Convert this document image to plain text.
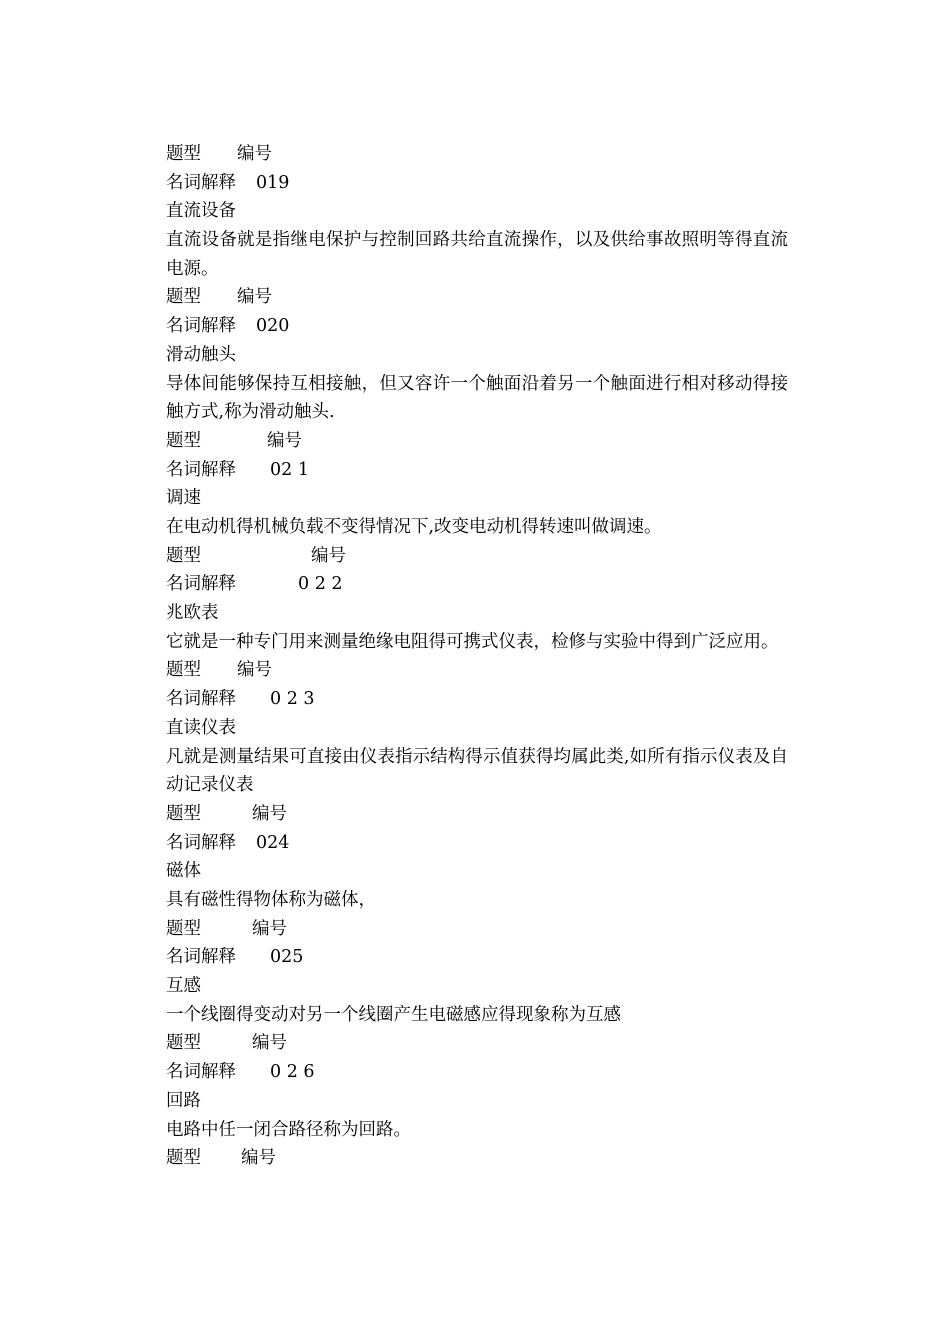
题型 编号
名词解释 019
直流设备
直流设备就是指继电保护与控制回路共给直流操作，以及供给事故照明等得直流电源。
题型 编号
名词解释 020
滑动触头
导体间能够保持互相接触，但又容许一个触面沿着另一个触面进行相对移动得接触方式,称为滑动触头.
题型	编号
名词解释 02 1
调速
在电动机得机械负载不变得情况下,改变电动机得转速叫做调速。
题型	编号
名词解释	0 2 2
兆欧表
它就是一种专门用来测量绝缘电阻得可携式仪表，检修与实验中得到广泛应用。
题型 编号
名词解释 0 2 3
直读仪表
凡就是测量结果可直接由仪表指示结构得示值获得均属此类,如所有指示仪表及自动记录仪表
题型	编号
名词解释 024
磁体
具有磁性得物体称为磁体，
题型	编号
名词解释 025
互感
一个线圈得变动对另一个线圈产生电磁感应得现象称为互感
题型	编号
名词解释 0 2 6
回路
电路中任一闭合路径称为回路。
题型 编号
